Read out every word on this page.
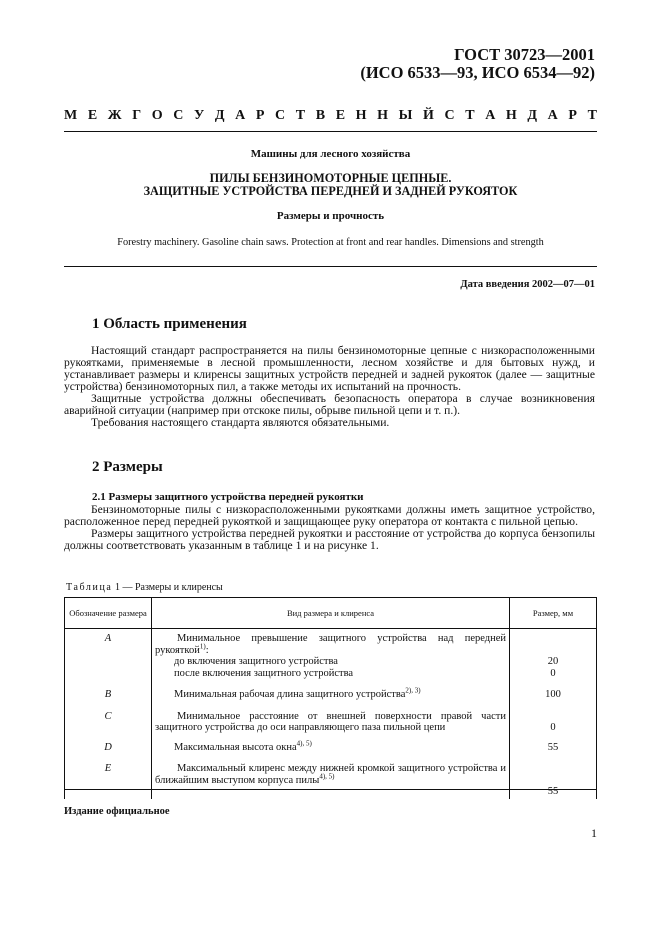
ГОСТ 30723—2001
(ИСО 6533—93, ИСО 6534—92)
М Е Ж Г О С У Д А Р С Т В Е Н Н Ы Й С Т А Н Д А Р Т
Машины для лесного хозяйства
ПИЛЫ БЕНЗИНОМОТОРНЫЕ ЦЕПНЫЕ.
ЗАЩИТНЫЕ УСТРОЙСТВА ПЕРЕДНЕЙ И ЗАДНЕЙ РУКОЯТОК
Размеры и прочность
Forestry machinery. Gasoline chain saws. Protection at front and rear handles. Dimensions and strength
Дата введения 2002—07—01
1 Область применения

Настоящий стандарт распространяется на пилы бензиномоторные цепные с низкорасположенными рукоятками, применяемые в лесной промышленности, лесном хозяйстве и для бытовых нужд, и устанавливает размеры и клиренсы защитных устройств передней и задней рукояток (далее — защитные устройства) бензиномоторных пил, а также методы их испытаний на прочность.

Защитные устройства должны обеспечивать безопасность оператора в случае возникновения аварийной ситуации (например при отскоке пилы, обрыве пильной цепи и т. п.).

Требования настоящего стандарта являются обязательными.

2 Размеры
2.1 Размеры защитного устройства передней рукоятки

Бензиномоторные пилы с низкорасположенными рукоятками должны иметь защитное устройство, расположенное перед передней рукояткой и защищающее руку оператора от контакта с пильной цепью.

Размеры защитного устройства передней рукоятки и расстояние от устройства до корпуса бензопилы должны соответствовать указанным в таблице 1 и на рисунке 1.

Таблица 1 — Размеры и клиренсы
Обозначение размера	Вид размера и клиренса	Размер, мм
A	Минимальное превышение защитного устройства над передней рукояткой$^{1)}$:	
	до включения защитного устройства	20
	после включения защитного устройства	0
B	Минимальная рабочая длина защитного устройства$^{2), 3)}$	100
C	Минимальное расстояние от внешней поверхности правой части защитного устройства до оси направляющего паза пильной цепи	0
D	Максимальная высота окна$^{4), 5)}$	55
E	Максимальный клиренс между нижней кромкой защитного устройства и ближайшим выступом корпуса пилы$^{4), 5)}$	55
Издание официальное
1
